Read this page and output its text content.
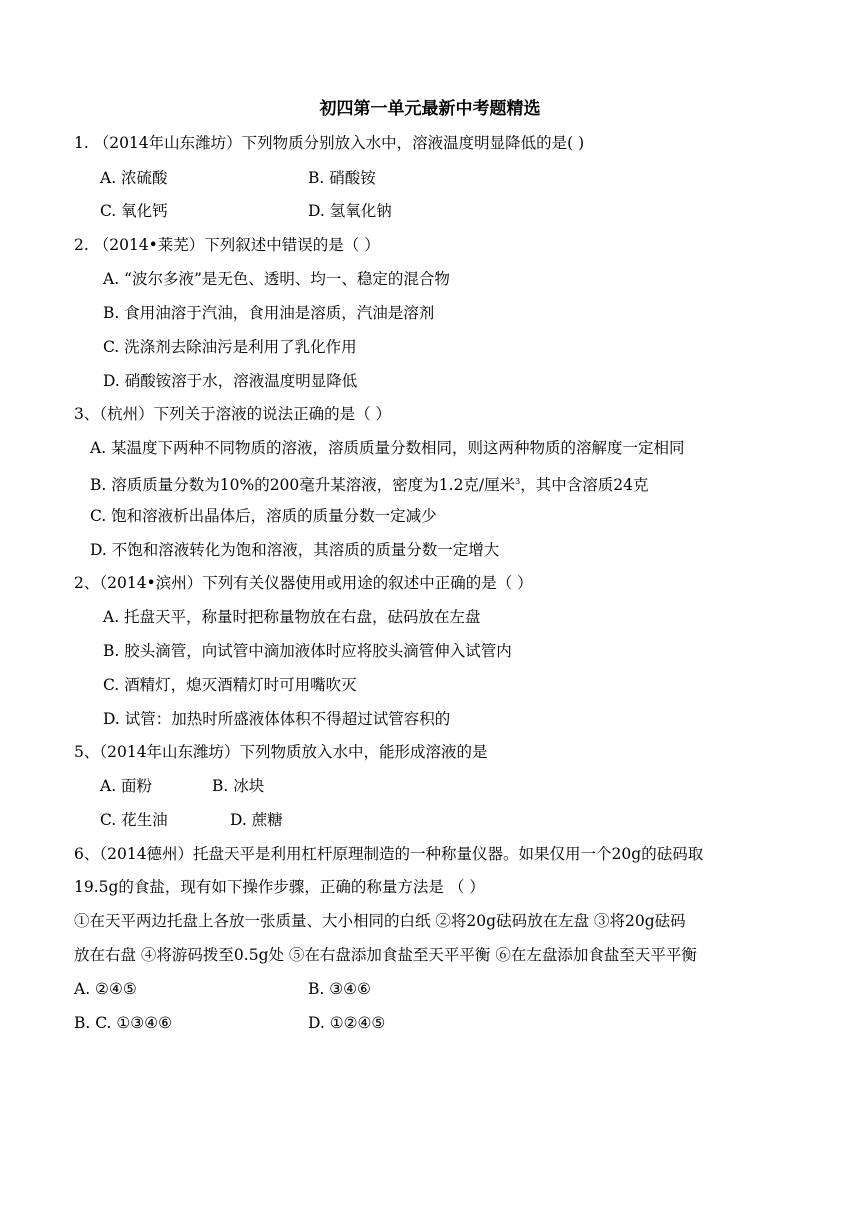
初四第一单元最新中考题精选
1. （2014年山东潍坊）下列物质分别放入水中，溶液温度明显降低的是( )
A. 浓硫酸	B. 硝酸铵
C. 氧化钙	D. 氢氧化钠
2. （2014•莱芜）下列叙述中错误的是（ ）
A. “波尔多液”是无色、透明、均一、稳定的混合物
B. 食用油溶于汽油，食用油是溶质，汽油是溶剂
C. 洗涤剂去除油污是利用了乳化作用
D. 硝酸铵溶于水，溶液温度明显降低
3、（杭州）下列关于溶液的说法正确的是（ ）
A. 某温度下两种不同物质的溶液，溶质质量分数相同，则这两种物质的溶解度一定相同
B. 溶质质量分数为10%的200毫升某溶液，密度为1.2克/厘米$^3$，其中含溶质24克
C. 饱和溶液析出晶体后，溶质的质量分数一定减少
D. 不饱和溶液转化为饱和溶液，其溶质的质量分数一定增大
2、（2014•滨州）下列有关仪器使用或用途的叙述中正确的是（ ）
A. 托盘天平，称量时把称量物放在右盘，砝码放在左盘
B. 胶头滴管，向试管中滴加液体时应将胶头滴管伸入试管内
C. 酒精灯，熄灭酒精灯时可用嘴吹灭
D. 试管：加热时所盛液体体积不得超过试管容积的
5、（2014年山东潍坊）下列物质放入水中，能形成溶液的是
A. 面粉	B. 冰块
C. 花生油	D. 蔗糖
6、（2014德州）托盘天平是利用杠杆原理制造的一种称量仪器。如果仅用一个20g的砝码取
19.5g的食盐，现有如下操作步骤，正确的称量方法是 （ ）
①在天平两边托盘上各放一张质量、大小相同的白纸 ②将20g砝码放在左盘 ③将20g砝码
放在右盘 ④将游码拨至0.5g处 ⑤在右盘添加食盐至天平平衡 ⑥在左盘添加食盐至天平平衡
A. ②④⑤	B. ③④⑥
B. C. ①③④⑥	D. ①②④⑤
